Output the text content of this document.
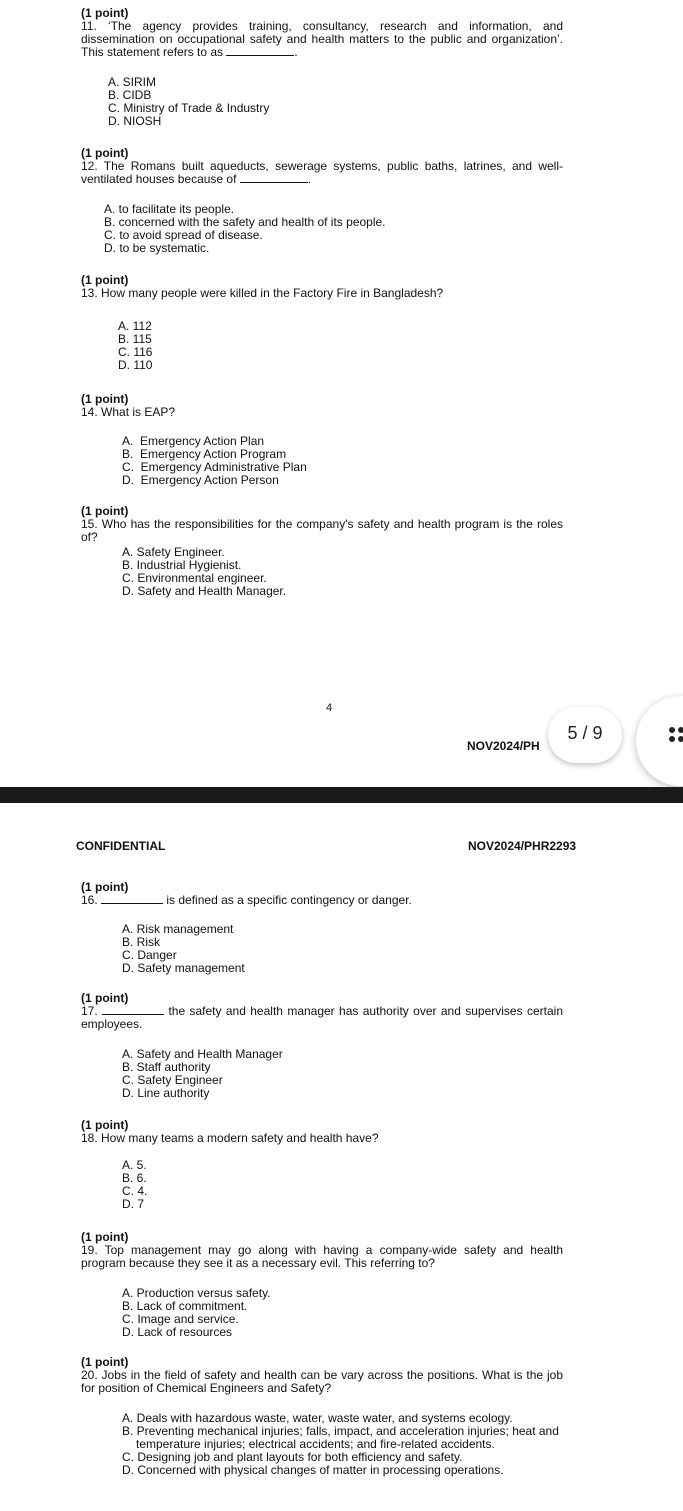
(1 point)
11. ‘The agency provides training, consultancy, research and information, and dissemination on occupational safety and health matters to the public and organization’. This statement refers to as	.
A. SIRIM
B. CIDB
C. Ministry of Trade & Industry
D. NIOSH
(1 point)
12. The Romans built aqueducts, sewerage systems, public baths, latrines, and well-ventilated houses because of	.
A. to facilitate its people.
B. concerned with the safety and health of its people.
C. to avoid spread of disease.
D. to be systematic.
(1 point)
13. How many people were killed in the Factory Fire in Bangladesh?
A. 112
B. 115
C. 116
D. 110
(1 point)
14. What is EAP?
A.  Emergency Action Plan
B.  Emergency Action Program
C.  Emergency Administrative Plan
D.  Emergency Action Person
(1 point)
15. Who has the responsibilities for the company's safety and health program is the roles of?
A. Safety Engineer.
B. Industrial Hygienist.
C. Environmental engineer.
D. Safety and Health Manager.
4
NOV2024/PH
5 / 9
CONFIDENTIAL	NOV2024/PHR2293
(1 point)
16.	is defined as a specific contingency or danger.
A. Risk management
B. Risk
C. Danger
D. Safety management
(1 point)
17.	the safety and health manager has authority over and supervises certain employees.
A. Safety and Health Manager
B. Staff authority
C. Safety Engineer
D. Line authority
(1 point)
18. How many teams a modern safety and health have?
A. 5.
B. 6.
C. 4.
D. 7
(1 point)
19. Top management may go along with having a company-wide safety and health program because they see it as a necessary evil. This referring to?
A. Production versus safety.
B. Lack of commitment.
C. Image and service.
D. Lack of resources
(1 point)
20. Jobs in the field of safety and health can be vary across the positions. What is the job for position of Chemical Engineers and Safety?
A. Deals with hazardous waste, water, waste water, and systems ecology.
B. Preventing mechanical injuries; falls, impact, and acceleration injuries; heat and temperature injuries; electrical accidents; and fire-related accidents.
C. Designing job and plant layouts for both efficiency and safety.
D. Concerned with physical changes of matter in processing operations.
